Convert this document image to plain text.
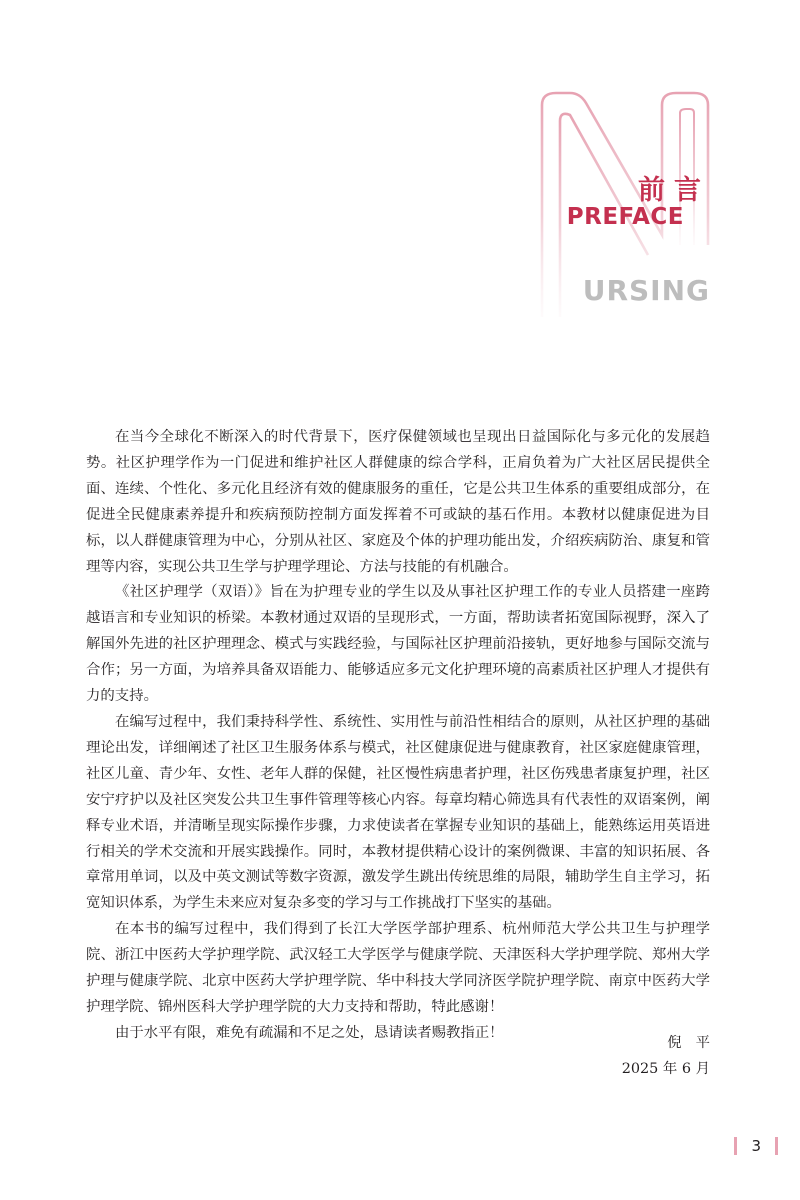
前言
PREFACE
URSING

在当今全球化不断深入的时代背景下，医疗保健领域也呈现出日益国际化与多元化的发展趋势。社区护理学作为一门促进和维护社区人群健康的综合学科，正肩负着为广大社区居民提供全面、连续、个性化、多元化且经济有效的健康服务的重任，它是公共卫生体系的重要组成部分，在促进全民健康素养提升和疾病预防控制方面发挥着不可或缺的基石作用。本教材以健康促进为目标，以人群健康管理为中心，分别从社区、家庭及个体的护理功能出发，介绍疾病防治、康复和管理等内容，实现公共卫生学与护理学理论、方法与技能的有机融合。

《社区护理学（双语）》旨在为护理专业的学生以及从事社区护理工作的专业人员搭建一座跨越语言和专业知识的桥梁。本教材通过双语的呈现形式，一方面，帮助读者拓宽国际视野，深入了解国外先进的社区护理理念、模式与实践经验，与国际社区护理前沿接轨，更好地参与国际交流与合作；另一方面，为培养具备双语能力、能够适应多元文化护理环境的高素质社区护理人才提供有力的支持。

在编写过程中，我们秉持科学性、系统性、实用性与前沿性相结合的原则，从社区护理的基础理论出发，详细阐述了社区卫生服务体系与模式，社区健康促进与健康教育，社区家庭健康管理，社区儿童、青少年、女性、老年人群的保健，社区慢性病患者护理，社区伤残患者康复护理，社区安宁疗护以及社区突发公共卫生事件管理等核心内容。每章均精心筛选具有代表性的双语案例，阐释专业术语，并清晰呈现实际操作步骤，力求使读者在掌握专业知识的基础上，能熟练运用英语进行相关的学术交流和开展实践操作。同时，本教材提供精心设计的案例微课、丰富的知识拓展、各章常用单词，以及中英文测试等数字资源，激发学生跳出传统思维的局限，辅助学生自主学习，拓宽知识体系，为学生未来应对复杂多变的学习与工作挑战打下坚实的基础。

在本书的编写过程中，我们得到了长江大学医学部护理系、杭州师范大学公共卫生与护理学院、浙江中医药大学护理学院、武汉轻工大学医学与健康学院、天津医科大学护理学院、郑州大学护理与健康学院、北京中医药大学护理学院、华中科技大学同济医学院护理学院、南京中医药大学护理学院、锦州医科大学护理学院的大力支持和帮助，特此感谢！

由于水平有限，难免有疏漏和不足之处，恳请读者赐教指正！

倪平
2025 年 6 月
3
